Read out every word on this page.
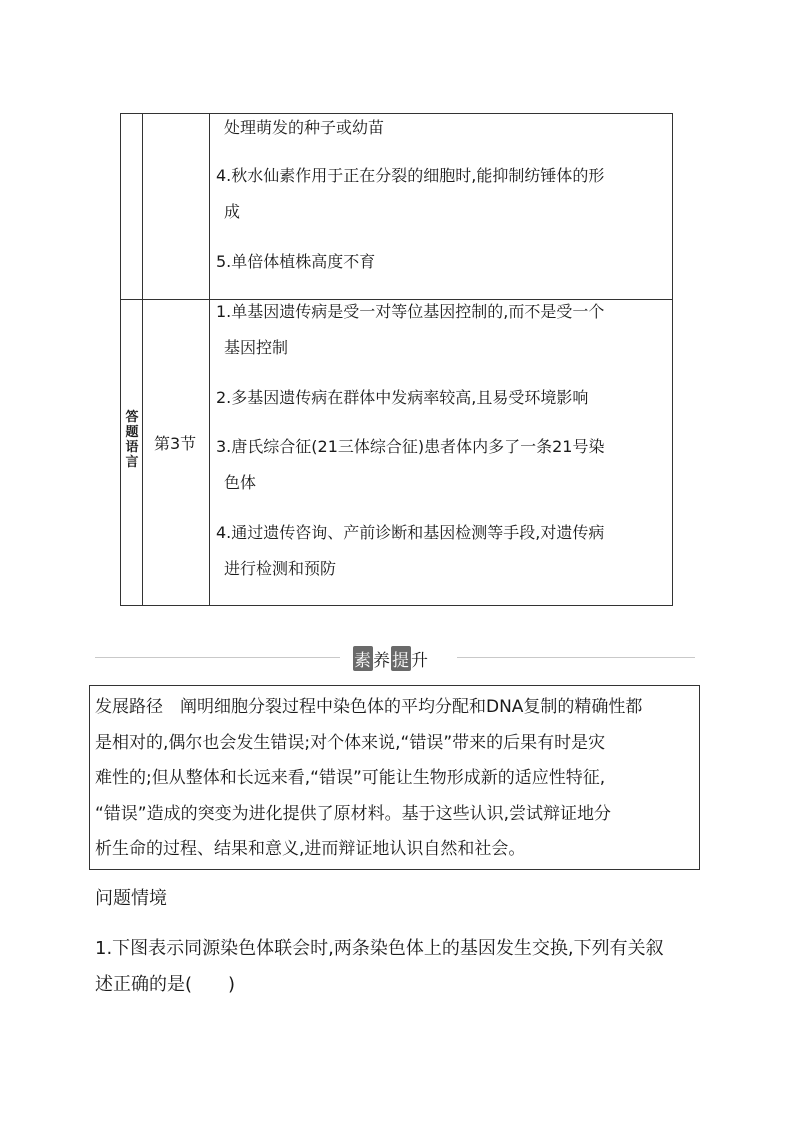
处理萌发的种子或幼苗
4.秋水仙素作用于正在分裂的细胞时,能抑制纺锤体的形
成
5.单倍体植株高度不育
答
题
语
言
第3节
1.单基因遗传病是受一对等位基因控制的,而不是受一个
基因控制
2.多基因遗传病在群体中发病率较高,且易受环境影响
3.唐氏综合征(21三体综合征)患者体内多了一条21号染
色体
4.通过遗传咨询、产前诊断和基因检测等手段,对遗传病
进行检测和预防
素养提升
发展路径　阐明细胞分裂过程中染色体的平均分配和DNA复制的精确性都
是相对的,偶尔也会发生错误;对个体来说,“错误”带来的后果有时是灾
难性的;但从整体和长远来看,“错误”可能让生物形成新的适应性特征,
“错误”造成的突变为进化提供了原材料。基于这些认识,尝试辩证地分
析生命的过程、结果和意义,进而辩证地认识自然和社会。
问题情境
1.下图表示同源染色体联会时,两条染色体上的基因发生交换,下列有关叙
述正确的是(　　)
